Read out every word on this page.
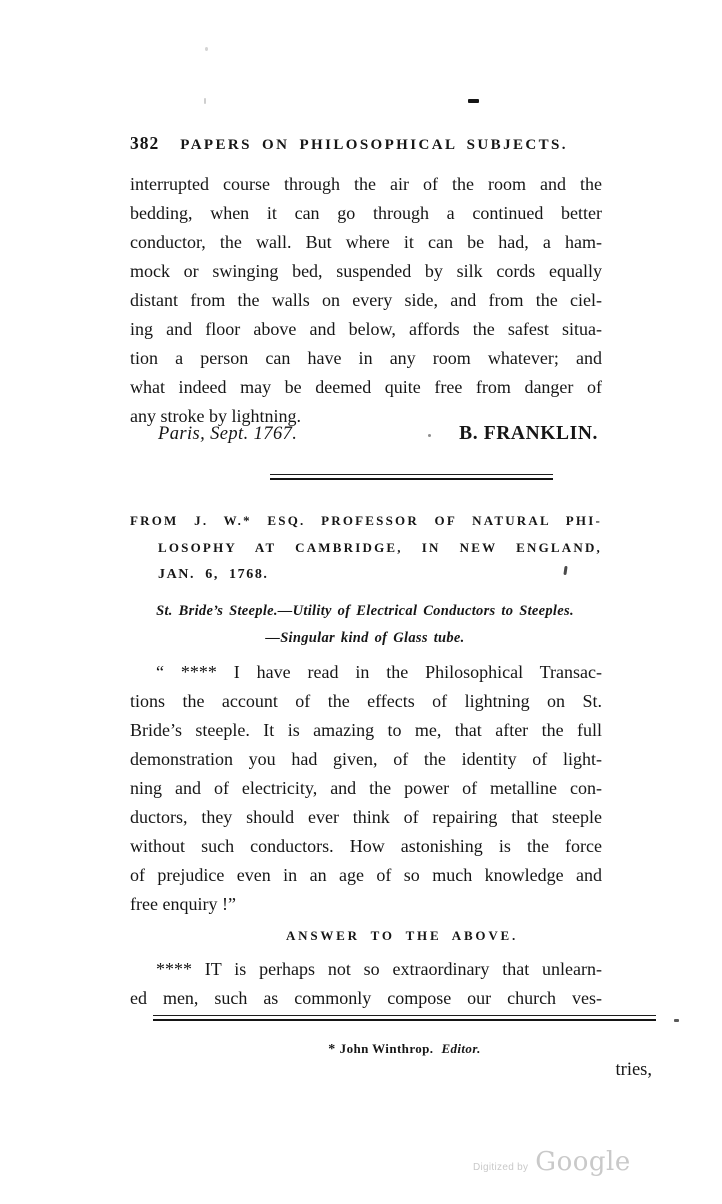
382 PAPERS ON PHILOSOPHICAL SUBJECTS.
interrupted course through the air of the room and the
bedding, when it can go through a continued better
conductor, the wall. But where it can be had, a ham-
mock or swinging bed, suspended by silk cords equally
distant from the walls on every side, and from the ciel-
ing and floor above and below, affords the safest situa-
tion a person can have in any room whatever; and
what indeed may be deemed quite free from danger of
any stroke by lightning.
Paris, Sept. 1767.	B. FRANKLIN.
FROM J. W.* ESQ. PROFESSOR OF NATURAL PHI-
LOSOPHY AT CAMBRIDGE, IN NEW ENGLAND,
JAN. 6, 1768.
St. Bride’s Steeple.—Utility of Electrical Conductors to Steeples.
—Singular kind of Glass tube.
“ **** I have read in the Philosophical Transac-
tions the account of the effects of lightning on St.
Bride’s steeple. It is amazing to me, that after the full
demonstration you had given, of the identity of light-
ning and of electricity, and the power of metalline con-
ductors, they should ever think of repairing that steeple
without such conductors. How astonishing is the force
of prejudice even in an age of so much knowledge and
free enquiry !”
ANSWER TO THE ABOVE.
**** IT is perhaps not so extraordinary that unlearn-
ed men, such as commonly compose our church ves-
* John Winthrop. Editor.
tries,
Digitized by Google
